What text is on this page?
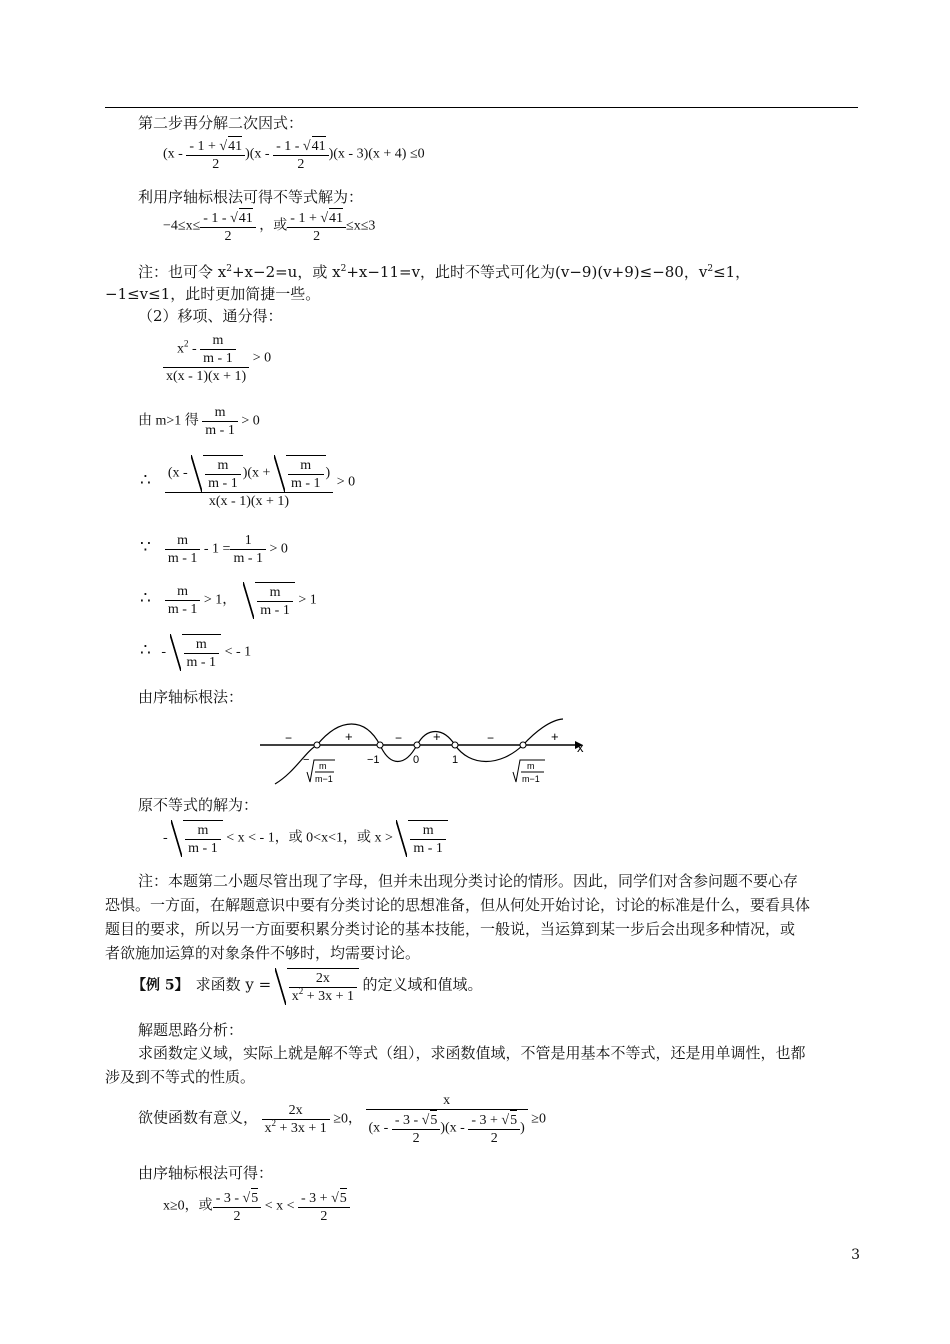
第二步再分解二次因式：
$(x - \frac{- 1 + √ 41}{2} )(x - \frac{- 1 - √ 41}{2} )(x - 3)(x + 4) \le 0$
利用序轴标根法可得不等式解为：
$-4\le x\le \frac{- 1 - √ 41}{2}$ ，或 $\frac{- 1 + √ 41}{2} \le x\le 3$
注：也可令 $x^2+x-2=u$，或 $x^2+x-11=v$，此时不等式可化为(v−9)(v+9)≤−80，$v^2\le 1$，
−1≤v≤1，此时更加简捷一些。
（2）移项、通分得：
$\frac{x^2 - \frac{m}{m - 1}}{x(x - 1)(x + 1)} > 0$
由 m>1 得 $\frac{m}{m - 1} > 0$
∴ $\frac{(x - \frac{m}{m - 1} )(x + \frac{m}{m - 1} )}{x(x - 1)(x + 1)} > 0$
∵ $\frac{m}{m - 1} - 1 = \frac{1}{m - 1} > 0$
∴ $\frac{m}{m - 1} > 1$， $\frac{m}{m - 1} > 1$
∴ - $\frac{m}{m - 1}$ < - 1
由序轴标根法：
x
−	+	− +	−	+
−1	0	1
− m
m−1
m
m−1
原不等式的解为：
- $\frac{m}{m - 1} < x$ < - 1，或 0<x<1，或 $x > \frac{m}{m - 1}$
注：本题第二小题尽管出现了字母，但并未出现分类讨论的情形。因此，同学们对含参问题不要心存
恐惧。一方面，在解题意识中要有分类讨论的思想准备，但从何处开始讨论，讨论的标准是什么，要看具体
题目的要求，所以另一方面要积累分类讨论的基本技能，一般说，当运算到某一步后会出现多种情况，或
者欲施加运算的对象条件不够时，均需要讨论。
【例 5】 求函数 $y = \frac{2x}{x^2 + 3x + 1}$ 的定义域和值域。
解题思路分析：
求函数定义域，实际上就是解不等式（组），求函数值域，不管是用基本不等式，还是用单调性，也都
涉及到不等式的性质。
欲使函数有意义， $\frac{2x}{x^2 + 3x + 1} \ge 0$， $\frac{x}{(x - \frac{- 3 - √ 5}{2} )(x - \frac{- 3 + √ 5}{2} )} \ge 0$
由序轴标根法可得：
x≥0，或 $\frac{- 3 - √ 5}{2} < x < \frac{- 3 + √ 5}{2}$
3
